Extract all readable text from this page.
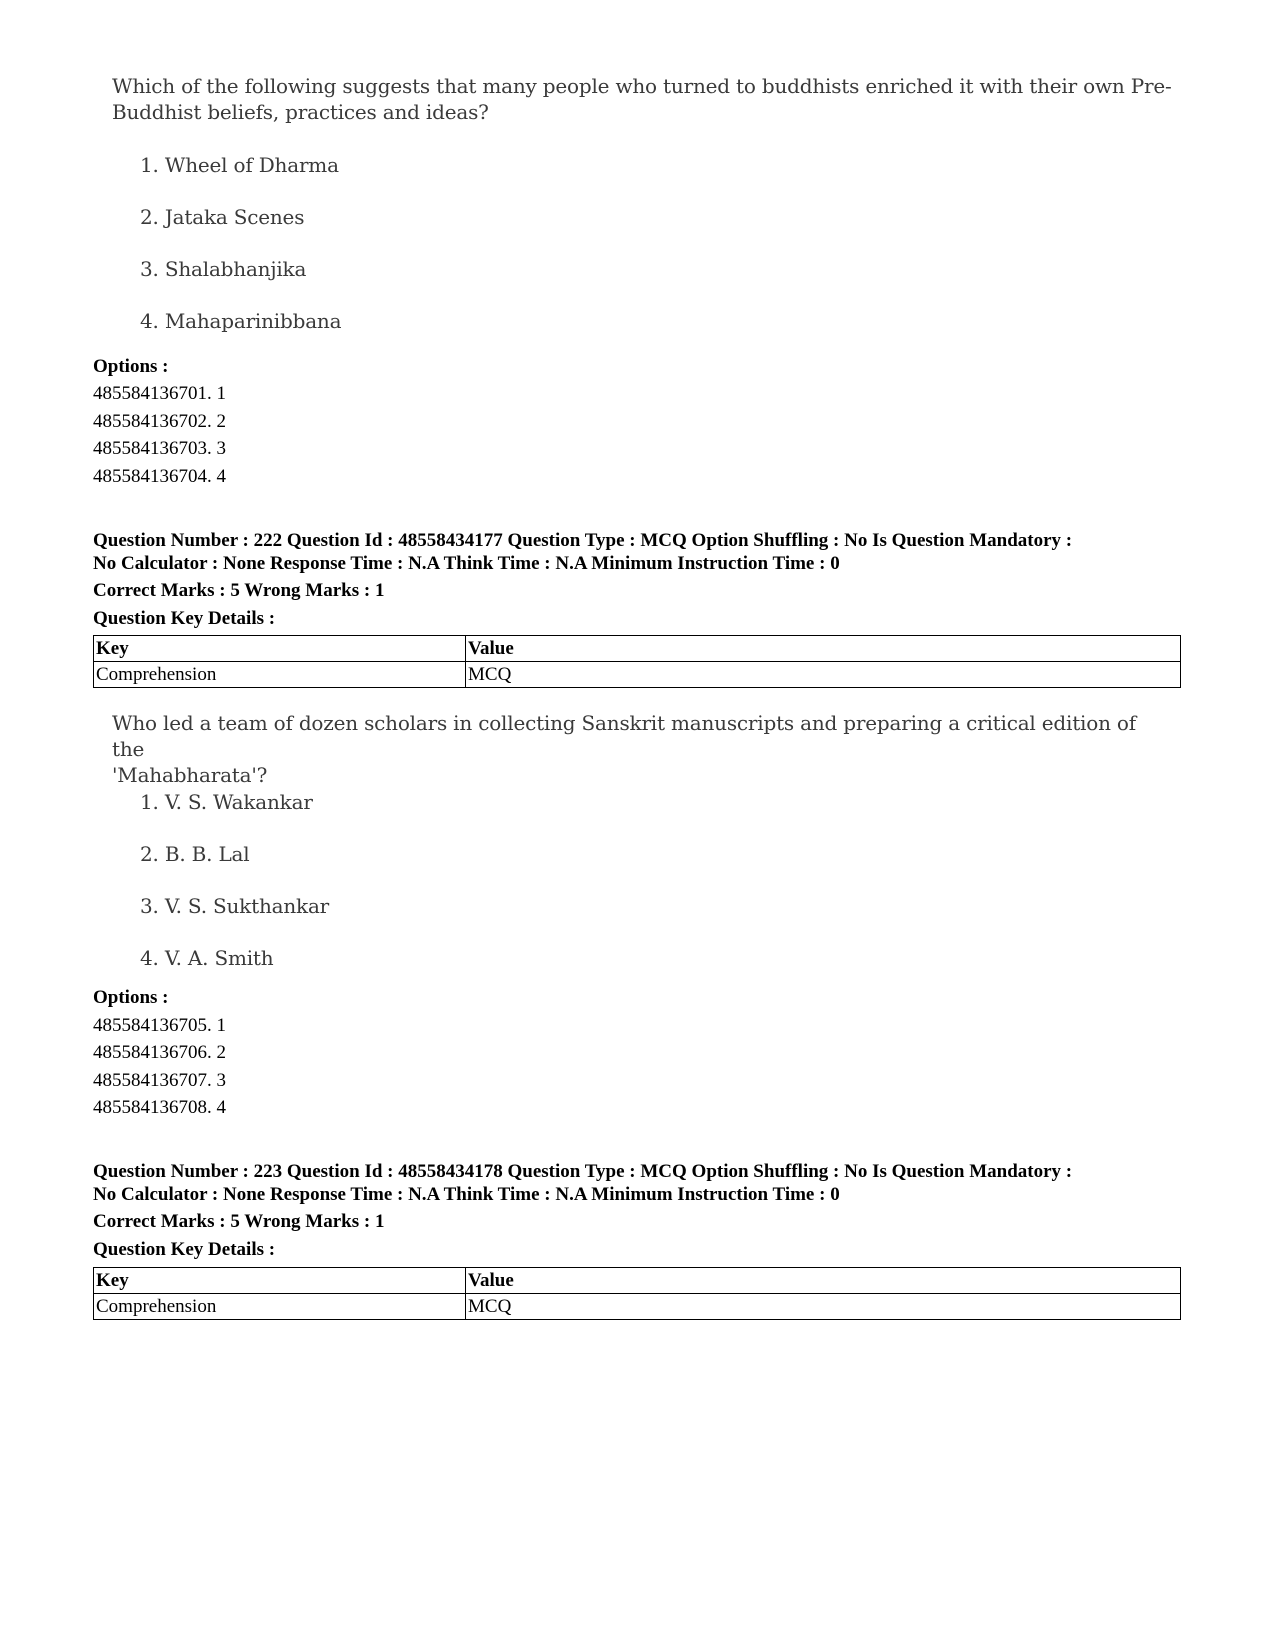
Which of the following suggests that many people who turned to buddhists enriched it with their own Pre-

Buddhist beliefs, practices and ideas?

1. Wheel of Dharma
2. Jataka Scenes
3. Shalabhanjika
4. Mahaparinibbana
Options :
485584136701. 1
485584136702. 2
485584136703. 3
485584136704. 4
Question Number : 222 Question Id : 48558434177 Question Type : MCQ Option Shuffling : No Is Question Mandatory :
No Calculator : None Response Time : N.A Think Time : N.A Minimum Instruction Time : 0
Correct Marks : 5 Wrong Marks : 1
Question Key Details :
Key	Value
Comprehension	MCQ

Who led a team of dozen scholars in collecting Sanskrit manuscripts and preparing a critical edition of the

'Mahabharata'?

1. V. S. Wakankar
2. B. B. Lal
3. V. S. Sukthankar
4. V. A. Smith
Options :
485584136705. 1
485584136706. 2
485584136707. 3
485584136708. 4
Question Number : 223 Question Id : 48558434178 Question Type : MCQ Option Shuffling : No Is Question Mandatory :
No Calculator : None Response Time : N.A Think Time : N.A Minimum Instruction Time : 0
Correct Marks : 5 Wrong Marks : 1
Question Key Details :
Key	Value
Comprehension	MCQ
